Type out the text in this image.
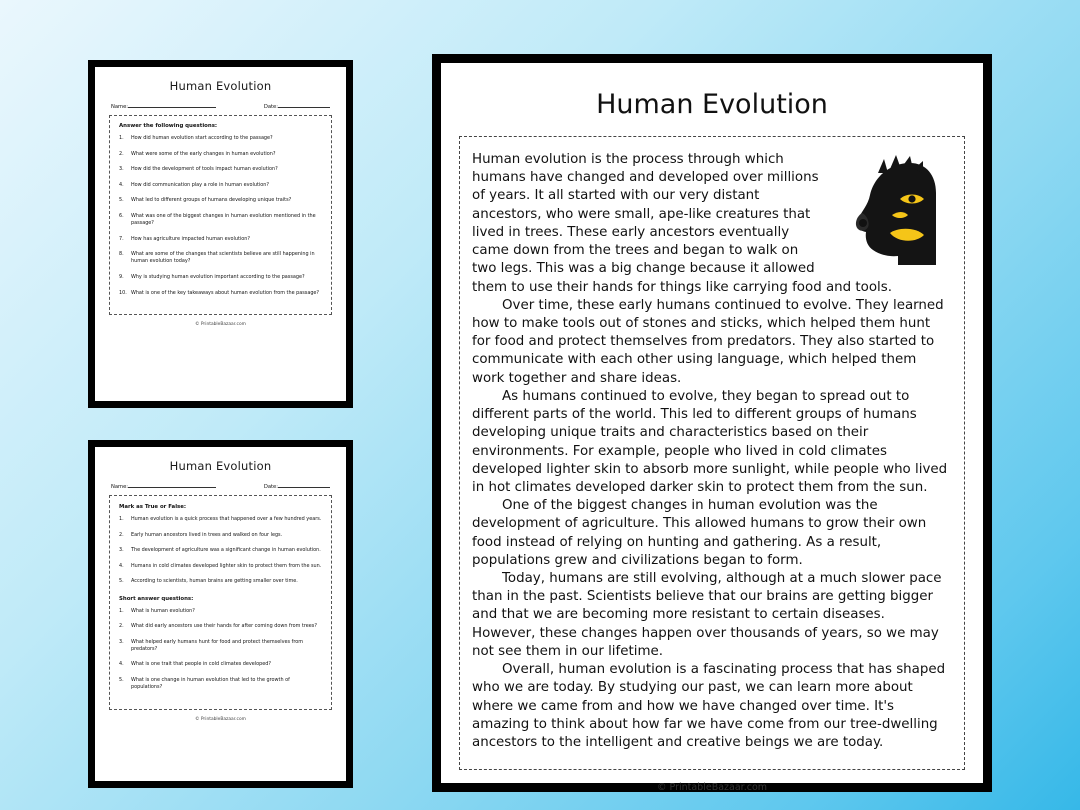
Human Evolution
Name:	Date:
Answer the following questions:
1.	How did human evolution start according to the passage?
2.	What were some of the early changes in human evolution?
3.	How did the development of tools impact human evolution?
4.	How did communication play a role in human evolution?
5.	What led to different groups of humans developing unique traits?
6.	What was one of the biggest changes in human evolution mentioned in the passage?
7.	How has agriculture impacted human evolution?
8.	What are some of the changes that scientists believe are still happening in human evolution today?
9.	Why is studying human evolution important according to the passage?
10. What is one of the key takeaways about human evolution from the passage?
© PrintableBazaar.com
Human Evolution
Name:	Date:
Mark as True or False:
1.	Human evolution is a quick process that happened over a few hundred years.
2.	Early human ancestors lived in trees and walked on four legs.
3.	The development of agriculture was a significant change in human evolution.
4.	Humans in cold climates developed lighter skin to protect them from the sun.
5.	According to scientists, human brains are getting smaller over time.
Short answer questions:
1.	What is human evolution?
2.	What did early ancestors use their hands for after coming down from trees?
3.	What helped early humans hunt for food and protect themselves from predators?
4.	What is one trait that people in cold climates developed?
5.	What is one change in human evolution that led to the growth of populations?
© PrintableBazaar.com
Human Evolution

Human evolution is the process through which humans have changed and developed over millions of years. It all started with our very distant ancestors, who were small, ape-like creatures that lived in trees. These early ancestors eventually came down from the trees and began to walk on two legs. This was a big change because it allowed them to use their hands for things like carrying food and tools.

Over time, these early humans continued to evolve. They learned how to make tools out of stones and sticks, which helped them hunt for food and protect themselves from predators. They also started to communicate with each other using language, which helped them work together and share ideas.

As humans continued to evolve, they began to spread out to different parts of the world. This led to different groups of humans developing unique traits and characteristics based on their environments. For example, people who lived in cold climates developed lighter skin to absorb more sunlight, while people who lived in hot climates developed darker skin to protect them from the sun.

One of the biggest changes in human evolution was the development of agriculture. This allowed humans to grow their own food instead of relying on hunting and gathering. As a result, populations grew and civilizations began to form.

Today, humans are still evolving, although at a much slower pace than in the past. Scientists believe that our brains are getting bigger and that we are becoming more resistant to certain diseases. However, these changes happen over thousands of years, so we may not see them in our lifetime.

Overall, human evolution is a fascinating process that has shaped who we are today. By studying our past, we can learn more about where we came from and how we have changed over time. It's amazing to think about how far we have come from our tree-dwelling ancestors to the intelligent and creative beings we are today.

© PrintableBazaar.com
